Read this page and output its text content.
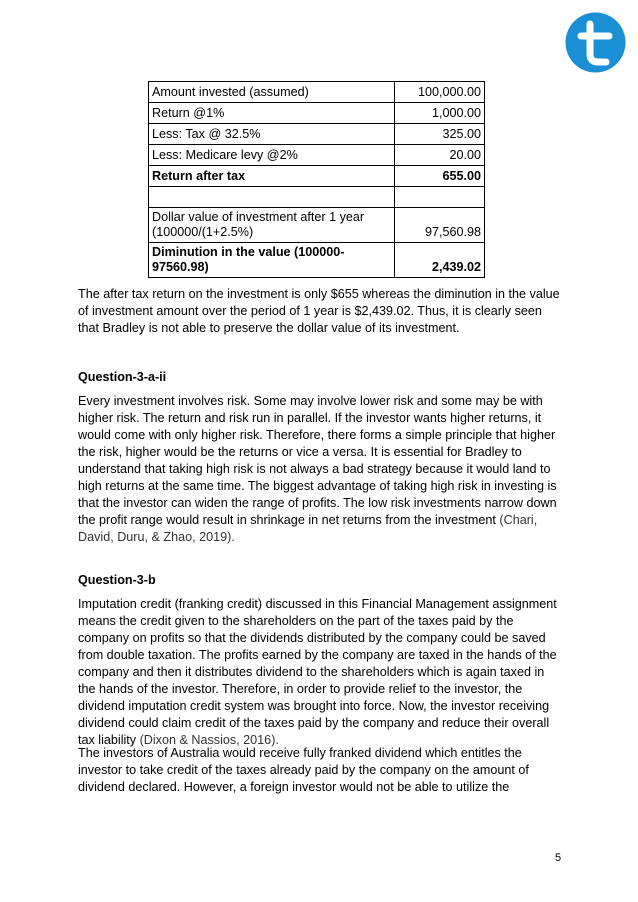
Amount invested (assumed)	100,000.00
Return @1%	1,000.00
Less: Tax @ 32.5%	325.00
Less: Medicare levy @2%	20.00
Return after tax	655.00

Dollar value of investment after 1 year
(100000/(1+2.5%)	97,560.98
Diminution in the value (100000-
97560.98)	2,439.02

The after tax return on the investment is only $655 whereas the diminution in the value of investment amount over the period of 1 year is $2,439.02. Thus, it is clearly seen that Bradley is not able to preserve the dollar value of its investment.

Question-3-a-ii

Every investment involves risk. Some may involve lower risk and some may be with higher risk. The return and risk run in parallel. If the investor wants higher returns, it would come with only higher risk. Therefore, there forms a simple principle that higher the risk, higher would be the returns or vice a versa. It is essential for Bradley to understand that taking high risk is not always a bad strategy because it would land to high returns at the same time. The biggest advantage of taking high risk in investing is that the investor can widen the range of profits. The low risk investments narrow down the profit range would result in shrinkage in net returns from the investment (Chari, David, Duru, & Zhao, 2019).

Question-3-b

Imputation credit (franking credit) discussed in this Financial Management assignment means the credit given to the shareholders on the part of the taxes paid by the company on profits so that the dividends distributed by the company could be saved from double taxation. The profits earned by the company are taxed in the hands of the company and then it distributes dividend to the shareholders which is again taxed in the hands of the investor. Therefore, in order to provide relief to the investor, the dividend imputation credit system was brought into force. Now, the investor receiving dividend could claim credit of the taxes paid by the company and reduce their overall tax liability (Dixon & Nassios, 2016).

The investors of Australia would receive fully franked dividend which entitles the investor to take credit of the taxes already paid by the company on the amount of dividend declared. However, a foreign investor would not be able to utilize the

5
